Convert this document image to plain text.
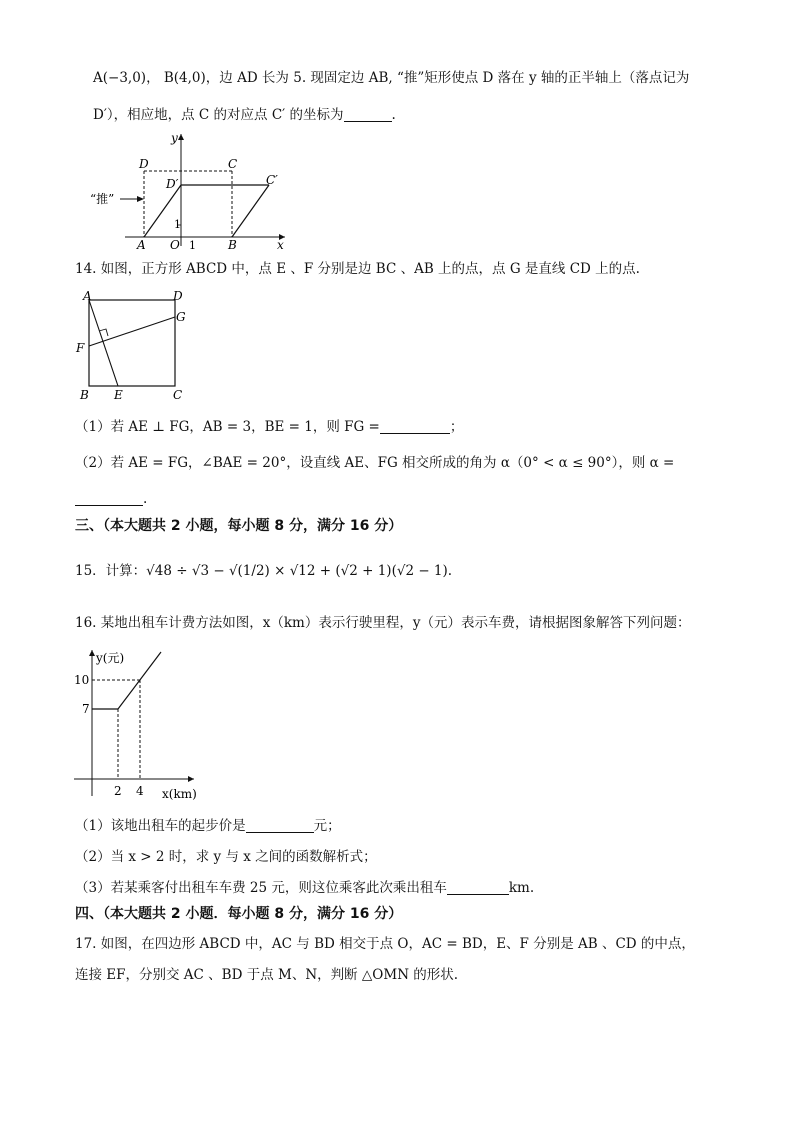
A(−3,0)， B(4,0)，边 AD 长为 5. 现固定边 AB, “推”矩形使点 D 落在 y 轴的正半轴上（落点记为
D′），相应地，点 C 的对应点 C′ 的坐标为	.
“推”
D	C
D′	C′
A O 1
1
B	x
y
14. 如图，正方形 ABCD 中，点 E 、F 分别是边 BC 、AB 上的点，点 G 是直线 CD 上的点.
A	D
G
F
B E	C
（1）若 AE ⊥ FG，AB = 3，BE = 1，则 FG =	；
（2）若 AE = FG，∠BAE = 20°，设直线 AE、FG 相交所成的角为 α（0° < α ≤ 90°），则 α =
.
三、（本大题共 2 小题，每小题 8 分，满分 16 分）
15．计算：√48 ÷ √3 − √(1/2) × √12 + (√2 + 1)(√2 − 1).
16. 某地出租车计费方法如图，x（km）表示行驶里程，y（元）表示车费，请根据图象解答下列问题：
y(元)
10
7
2 4 x(km)
（1）该地出租车的起步价是	元；
（2）当 x > 2 时，求 y 与 x 之间的函数解析式；
（3）若某乘客付出租车车费 25 元，则这位乘客此次乘出租车	km.
四、（本大题共 2 小题．每小题 8 分，满分 16 分）
17. 如图，在四边形 ABCD 中，AC 与 BD 相交于点 O，AC = BD，E、F 分别是 AB 、CD 的中点，
连接 EF，分别交 AC 、BD 于点 M、N，判断 △OMN 的形状.
